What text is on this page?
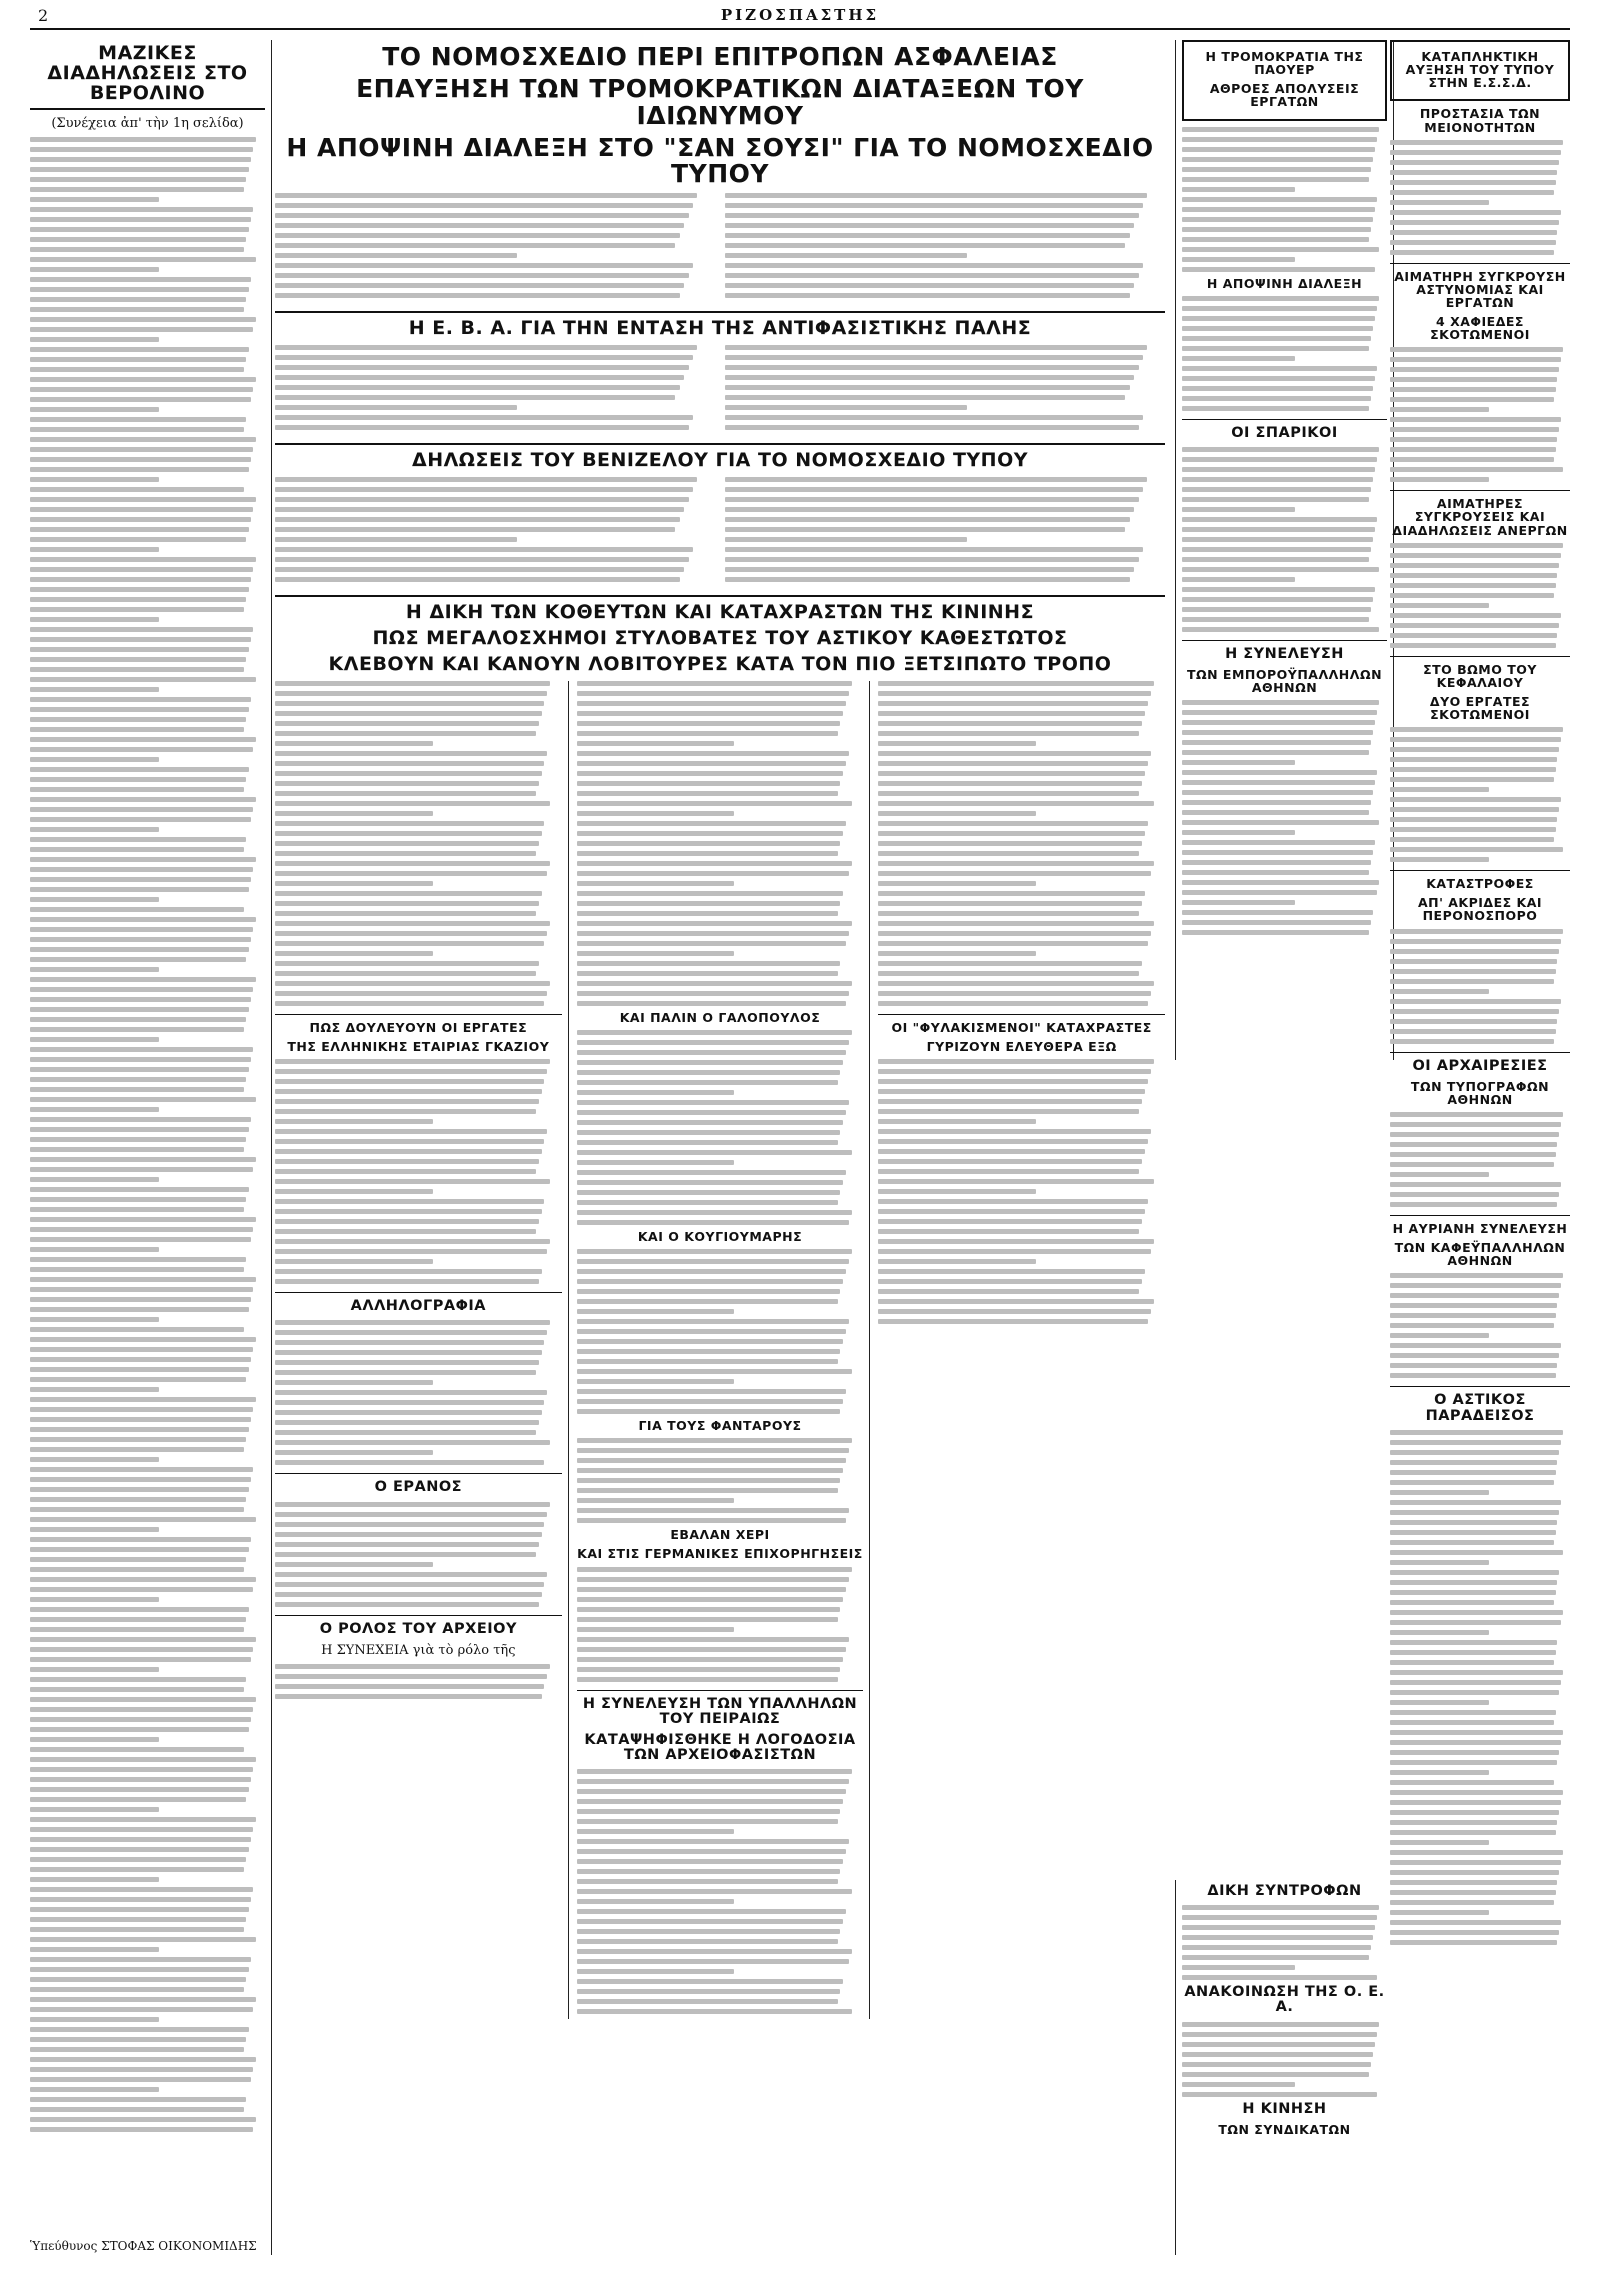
2	ΡΙΖΟΣΠΑΣΤΗΣ
ΜΑΖΙΚΕΣ ΔΙΑΔΗΛΩΣΕΙΣ ΣΤΟ ΒΕΡΟΛΙΝΟ
(Συνέχεια ἀπ' τὴν 1η σελίδα)
Ὑπεύθυνος ΣΤΟΦΑΣ ΟΙΚΟΝΟΜΙΔΗΣ
ΤΟ ΝΟΜΟΣΧΕΔΙΟ ΠΕΡΙ ΕΠΙΤΡΟΠΩΝ ΑΣΦΑΛΕΙΑΣ
ΕΠΑΥΞΗΣΗ ΤΩΝ ΤΡΟΜΟΚΡΑΤΙΚΩΝ ΔΙΑΤΑΞΕΩΝ ΤΟΥ ΙΔΙΩΝΥΜΟΥ
Η ΑΠΟΨΙΝΗ ΔΙΑΛΕΞΗ ΣΤΟ "ΣΑΝ ΣΟΥΣΙ" ΓΙΑ ΤΟ ΝΟΜΟΣΧΕΔΙΟ ΤΥΠΟΥ
Η Ε. Β. Α. ΓΙΑ ΤΗΝ ΕΝΤΑΣΗ ΤΗΣ ΑΝΤΙΦΑΣΙΣΤΙΚΗΣ ΠΑΛΗΣ
ΔΗΛΩΣΕΙΣ ΤΟΥ ΒΕΝΙΖΕΛΟΥ ΓΙΑ ΤΟ ΝΟΜΟΣΧΕΔΙΟ ΤΥΠΟΥ
Η ΔΙΚΗ ΤΩΝ ΚΟΘΕΥΤΩΝ ΚΑΙ ΚΑΤΑΧΡΑΣΤΩΝ ΤΗΣ ΚΙΝΙΝΗΣ
ΠΩΣ ΜΕΓΑΛΟΣΧΗΜΟΙ ΣΤΥΛΟΒΑΤΕΣ ΤΟΥ ΑΣΤΙΚΟΥ ΚΑΘΕΣΤΩΤΟΣ
ΚΛΕΒΟΥΝ ΚΑΙ ΚΑΝΟΥΝ ΛΟΒΙΤΟΥΡΕΣ ΚΑΤΑ ΤΟΝ ΠΙΟ ΞΕΤΣΙΠΩΤΟ ΤΡΟΠΟ
ΠΩΣ ΔΟΥΛΕΥΟΥΝ ΟΙ ΕΡΓΑΤΕΣ
ΤΗΣ ΕΛΛΗΝΙΚΗΣ ΕΤΑΙΡΙΑΣ ΓΚΑΖΙΟΥ
ΑΛΛΗΛΟΓΡΑΦΙΑ
Ο ΕΡΑΝΟΣ
Ο ΡΟΛΟΣ ΤΟΥ ΑΡΧΕΙΟΥ
Η ΣΥΝΕΧΕΙΑ γιὰ τὸ ρόλο τῆς
ΚΑΙ ΠΑΛΙΝ Ο ΓΑΛΟΠΟΥΛΟΣ
ΚΑΙ Ο ΚΟΥΓΙΟΥΜΑΡΗΣ
ΓΙΑ ΤΟΥΣ ΦΑΝΤΑΡΟΥΣ
ΕΒΑΛΑΝ ΧΕΡΙ
ΚΑΙ ΣΤΙΣ ΓΕΡΜΑΝΙΚΕΣ ΕΠΙΧΟΡΗΓΗΣΕΙΣ
Η ΣΥΝΕΛΕΥΣΗ ΤΩΝ ΥΠΑΛΛΗΛΩΝ ΤΟΥ ΠΕΙΡΑΙΩΣ
ΚΑΤΑΨΗΦΙΣΘΗΚΕ Η ΛΟΓΟΔΟΣΙΑ ΤΩΝ ΑΡΧΕΙΟΦΑΣΙΣΤΩΝ
ΟΙ "ΦΥΛΑΚΙΣΜΕΝΟΙ" ΚΑΤΑΧΡΑΣΤΕΣ
ΓΥΡΙΖΟΥΝ ΕΛΕΥΘΕΡΑ ΕΞΩ
Η ΤΡΟΜΟΚΡΑΤΙΑ ΤΗΣ ΠΑΟΥΕΡ
ΑΘΡΟΕΣ ΑΠΟΛΥΣΕΙΣ ΕΡΓΑΤΩΝ
Η ΑΠΟΨΙΝΗ ΔΙΑΛΕΞΗ
ΟΙ ΣΠΑΡΙΚΟΙ
Η ΣΥΝΕΛΕΥΣΗ
ΤΩΝ ΕΜΠΟΡΟΫΠΑΛΛΗΛΩΝ ΑΘΗΝΩΝ
ΔΙΚΗ ΣΥΝΤΡΟΦΩΝ
ΑΝΑΚΟΙΝΩΣΗ ΤΗΣ Ο. Ε. Α.
Η ΚΙΝΗΣΗ
ΤΩΝ ΣΥΝΔΙΚΑΤΩΝ
ΚΑΤΑΠΛΗΚΤΙΚΗ ΑΥΞΗΣΗ ΤΟΥ ΤΥΠΟΥ ΣΤΗΝ Ε.Σ.Σ.Δ.
ΠΡΟΣΤΑΣΙΑ ΤΩΝ ΜΕΙΟΝΟΤΗΤΩΝ
ΑΙΜΑΤΗΡΗ ΣΥΓΚΡΟΥΣΗ ΑΣΤΥΝΟΜΙΑΣ ΚΑΙ ΕΡΓΑΤΩΝ
4 ΧΑΦΙΕΔΕΣ ΣΚΟΤΩΜΕΝΟΙ
ΑΙΜΑΤΗΡΕΣ ΣΥΓΚΡΟΥΣΕΙΣ ΚΑΙ ΔΙΑΔΗΛΩΣΕΙΣ ΑΝΕΡΓΩΝ
ΣΤΟ ΒΩΜΟ ΤΟΥ ΚΕΦΑΛΑΙΟΥ
ΔΥΟ ΕΡΓΑΤΕΣ ΣΚΟΤΩΜΕΝΟΙ
ΚΑΤΑΣΤΡΟΦΕΣ
ΑΠ' ΑΚΡΙΔΕΣ ΚΑΙ ΠΕΡΟΝΟΣΠΟΡΟ
ΟΙ ΑΡΧΑΙΡΕΣΙΕΣ
ΤΩΝ ΤΥΠΟΓΡΑΦΩΝ ΑΘΗΝΩΝ
Η ΑΥΡΙΑΝΗ ΣΥΝΕΛΕΥΣΗ
ΤΩΝ ΚΑΦΕΫΠΑΛΛΗΛΩΝ ΑΘΗΝΩΝ
Ο ΑΣΤΙΚΟΣ ΠΑΡΑΔΕΙΣΟΣ
